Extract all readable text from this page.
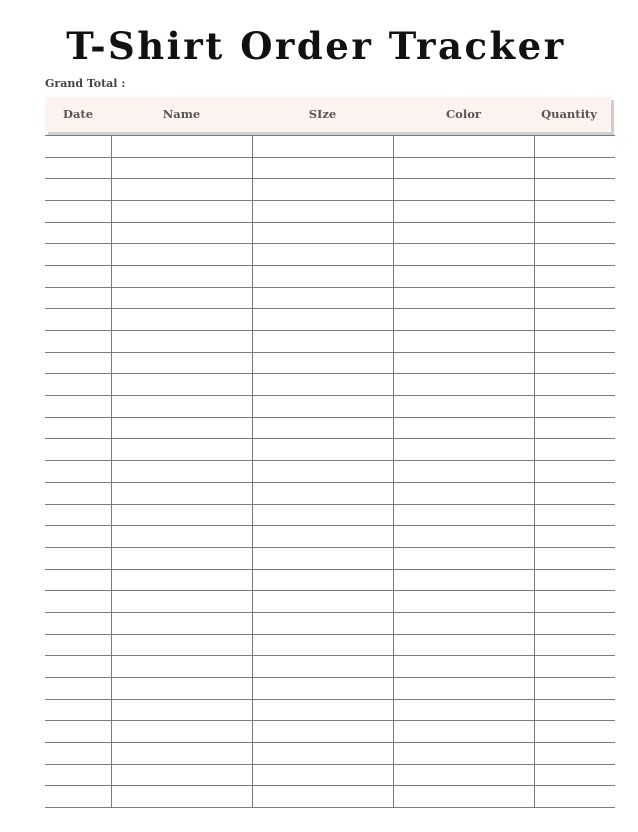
T-Shirt Order Tracker
Grand Total :
Date	Name	SIze	Color	Quantity
